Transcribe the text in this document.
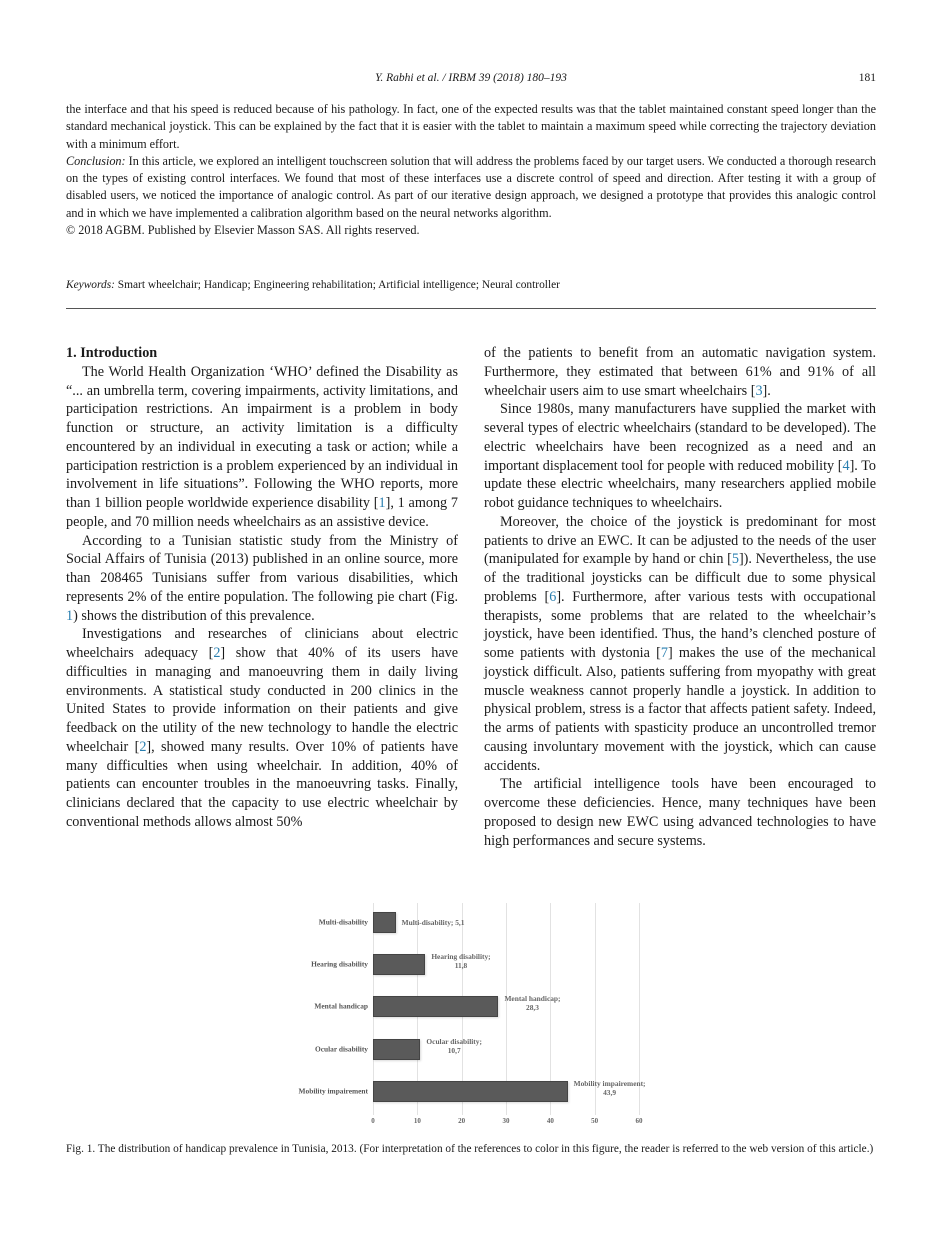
Y. Rabhi et al. / IRBM 39 (2018) 180–193	181

the interface and that his speed is reduced because of his pathology. In fact, one of the expected results was that the tablet maintained constant speed longer than the standard mechanical joystick. This can be explained by the fact that it is easier with the tablet to maintain a maximum speed while correcting the trajectory deviation with a minimum effort.

Conclusion: In this article, we explored an intelligent touchscreen solution that will address the problems faced by our target users. We conducted a thorough research on the types of existing control interfaces. We found that most of these interfaces use a discrete control of speed and direction. After testing it with a group of disabled users, we noticed the importance of analogic control. As part of our iterative design approach, we designed a prototype that provides this analogic control and in which we have implemented a calibration algorithm based on the neural networks algorithm.

© 2018 AGBM. Published by Elsevier Masson SAS. All rights reserved.

Keywords: Smart wheelchair; Handicap; Engineering rehabilitation; Artificial intelligence; Neural controller

1. Introduction

The World Health Organization ‘WHO’ defined the Disability as “... an umbrella term, covering impairments, activity limitations, and participation restrictions. An impairment is a problem in body function or structure, an activity limitation is a difficulty encountered by an individual in executing a task or action; while a participation restriction is a problem experienced by an individual in involvement in life situations”. Following the WHO reports, more than 1 billion people worldwide experience disability [1], 1 among 7 people, and 70 million needs wheelchairs as an assistive device.

According to a Tunisian statistic study from the Ministry of Social Affairs of Tunisia (2013) published in an online source, more than 208465 Tunisians suffer from various disabilities, which represents 2% of the entire population. The following pie chart (Fig. 1) shows the distribution of this prevalence.

Investigations and researches of clinicians about electric wheelchairs adequacy [2] show that 40% of its users have difficulties in managing and manoeuvring them in daily living environments. A statistical study conducted in 200 clinics in the United States to provide information on their patients and give feedback on the utility of the new technology to handle the electric wheelchair [2], showed many results. Over 10% of patients have many difficulties when using wheelchair. In addition, 40% of patients can encounter troubles in the manoeuvring tasks. Finally, clinicians declared that the capacity to use electric wheelchair by conventional methods allows almost 50%

of the patients to benefit from an automatic navigation system. Furthermore, they estimated that between 61% and 91% of all wheelchair users aim to use smart wheelchairs [3].

Since 1980s, many manufacturers have supplied the market with several types of electric wheelchairs (standard to be developed). The electric wheelchairs have been recognized as a need and an important displacement tool for people with reduced mobility [4]. To update these electric wheelchairs, many researchers applied mobile robot guidance techniques to wheelchairs.

Moreover, the choice of the joystick is predominant for most patients to drive an EWC. It can be adjusted to the needs of the user (manipulated for example by hand or chin [5]). Nevertheless, the use of the traditional joysticks can be difficult due to some physical problems [6]. Furthermore, after various tests with occupational therapists, some problems that are related to the wheelchair’s joystick, have been identified. Thus, the hand’s clenched posture of some patients with dystonia [7] makes the use of the mechanical joystick difficult. Also, patients suffering from myopathy with great muscle weakness cannot properly handle a joystick. In addition to physical problem, stress is a factor that affects patient safety. Indeed, the arms of patients with spasticity produce an uncontrolled tremor causing involuntary movement with the joystick, which can cause accidents.

The artificial intelligence tools have been encouraged to overcome these deficiencies. Hence, many techniques have been proposed to design new EWC using advanced technologies to have high performances and secure systems.

0	10	20	30	40	50	60
Multi-disability	Multi-disability; 5,1
Hearing disability
Hearing disability;
11,8
Mental handicap
Mental handicap;
28,3
Ocular disability
Ocular disability;
10,7
Mobility impairement
Mobility impairement;
43,9
Fig. 1. The distribution of handicap prevalence in Tunisia, 2013. (For interpretation of the references to color in this figure, the reader is referred to the web version of this article.)
